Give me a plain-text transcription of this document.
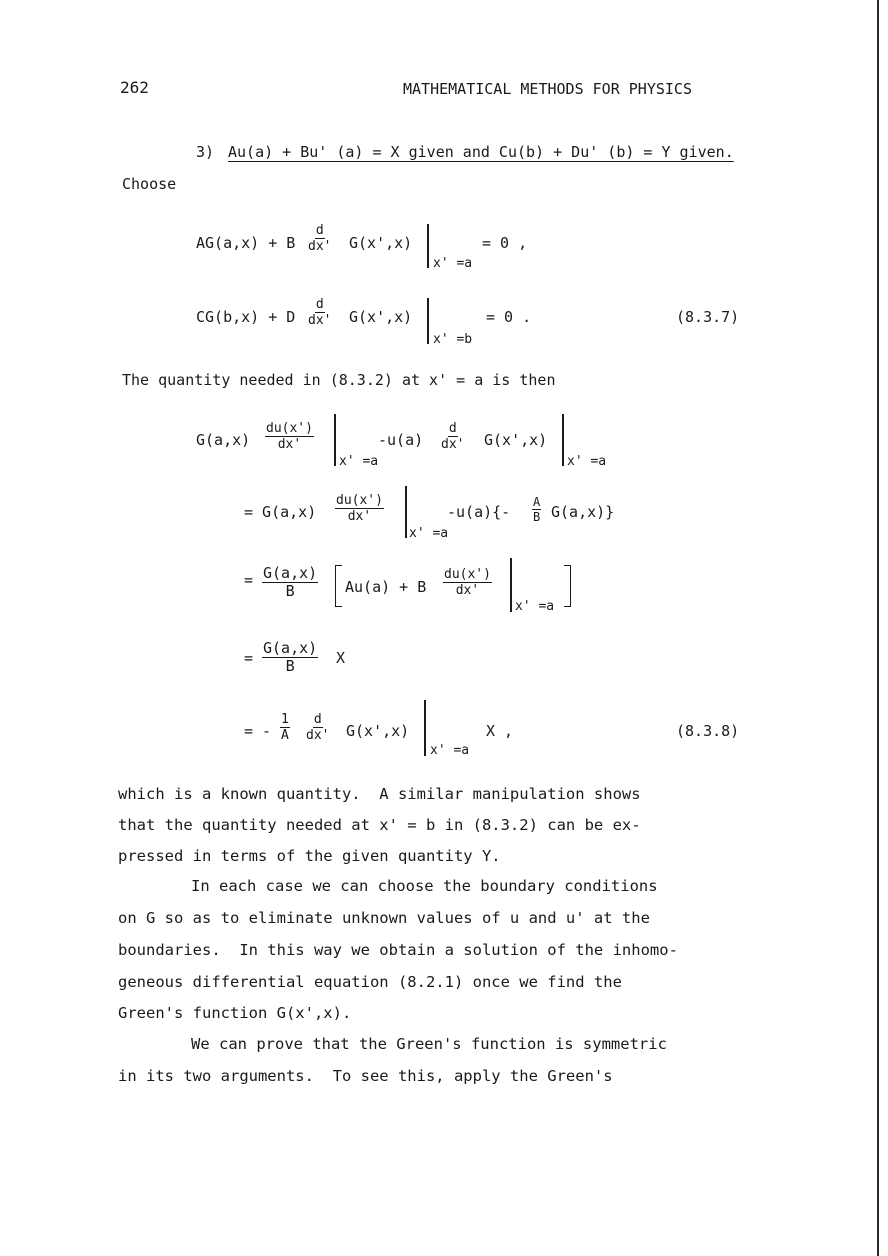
262	MATHEMATICAL METHODS FOR PHYSICS
3) Au(a) + Bu' (a) = X given and Cu(b) + Du' (b) = Y given.
Choose
AG(a,x) + B $\frac{d}{dx'} G(x',x)$
x' =a
= 0 ,
CG(b,x) + D $\frac{d}{dx'} G(x',x)$
x' =b
= 0 .	(8.3.7)
The quantity needed in (8.3.2) at x' = a is then
$G(a,x) \frac{du(x')}{dx'}$
x' =a
$-u(a) \frac{d}{dx'} G(x',x)$
x' =a
= $G(a,x) \frac{du(x')}{dx'}$
x' =a
$-u(a)\{- \frac{A}{B} G(a,x)\}$
= $\frac{G(a,x)}{B} Au(a) + B \frac{du(x')}{dx'}$
x' =a
= $\frac{G(a,x)}{B}$ X
= - $\frac{1}{A} \frac{d}{dx'} G(x',x)$
x' =a
X ,	(8.3.8)
which is a known quantity.  A similar manipulation shows
that the quantity needed at x' = b in (8.3.2) can be ex-
pressed in terms of the given quantity Y.
In each case we can choose the boundary conditions
on G so as to eliminate unknown values of u and u' at the
boundaries.  In this way we obtain a solution of the inhomo-
geneous differential equation (8.2.1) once we find the
Green's function G(x',x).
We can prove that the Green's function is symmetric
in its two arguments.  To see this, apply the Green's
